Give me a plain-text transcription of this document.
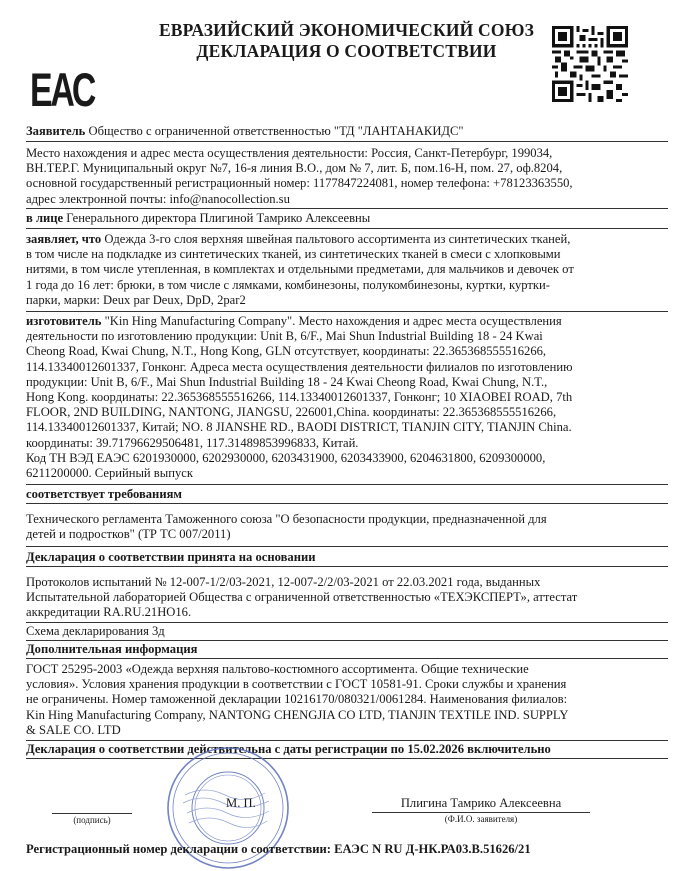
ЕВРАЗИЙСКИЙ ЭКОНОМИЧЕСКИЙ СОЮЗ
ДЕКЛАРАЦИЯ О СООТВЕТСТВИИ
ЕАС
Заявитель Общество с ограниченной ответственностью "ТД "ЛАНТАНАКИДС"
Место нахождения и адрес места осуществления деятельности: Россия, Санкт-Петербург, 199034,
ВН.ТЕР.Г. Муниципальный округ №7, 16-я линия В.О., дом № 7, лит. Б, пом.16-Н, пом. 27, оф.8204,
основной государственный регистрационный номер: 1177847224081, номер телефона: +78123363550,
адрес электронной почты: info@nanocollection.su
в лице Генерального директора Плигиной Тамрико Алексеевны
заявляет, что Одежда 3-го слоя верхняя швейная пальтового ассортимента из синтетических тканей,
в том числе на подкладке из синтетических тканей, из синтетических тканей в смеси с хлопковыми
нитями, в том числе утепленная, в комплектах и отдельными предметами, для мальчиков и девочек от
1 года до 16 лет: брюки, в том числе с лямками, комбинезоны, полукомбинезоны, куртки, куртки-
парки, марки: Deux par Deux, DpD, 2par2
изготовитель "Kin Hing Manufacturing Company". Место нахождения и адрес места осуществления
деятельности по изготовлению продукции: Unit B, 6/F., Mai Shun Industrial Building 18 - 24 Kwai
Cheong Road, Kwai Chung, N.T., Hong Kong, GLN отсутствует, координаты: 22.365368555516266,
114.13340012601337, Гонконг. Адреса места осуществления деятельности филиалов по изготовлению
продукции: Unit B, 6/F., Mai Shun Industrial Building 18 - 24 Kwai Cheong Road, Kwai Chung, N.T.,
Hong Kong. координаты: 22.365368555516266, 114.13340012601337, Гонконг; 10 XIAOBEI ROAD, 7th
FLOOR, 2ND BUILDING, NANTONG, JIANGSU, 226001,China. координаты: 22.365368555516266,
114.13340012601337, Китай; NO. 8 JIANSHE RD., BAODI DISTRICT, TIANJIN CITY, TIANJIN China.
координаты: 39.71796629506481, 117.31489853996833, Китай.
Код ТН ВЭД ЕАЭС 6201930000, 6202930000, 6203431900, 6203433900, 6204631800, 6209300000,
6211200000. Серийный выпуск
соответствует требованиям
Технического регламента Таможенного союза "О безопасности продукции, предназначенной для
детей и подростков" (ТР ТС 007/2011)
Декларация о соответствии принята на основании
Протоколов испытаний № 12-007-1/2/03-2021, 12-007-2/2/03-2021 от 22.03.2021 года, выданных
Испытательной лабораторией Общества с ограниченной ответственностью «ТЕХЭКСПЕРТ», аттестат
аккредитации RA.RU.21НО16.
Схема декларирования 3д
Дополнительная информация
ГОСТ 25295-2003 «Одежда верхняя пальтово-костюмного ассортимента. Общие технические
условия». Условия хранения продукции в соответствии с ГОСТ 10581-91. Сроки службы и хранения
не ограничены. Номер таможенной декларации 10216170/080321/0061284. Наименования филиалов:
Kin Hing Manufacturing Company, NANTONG CHENGJIA CO LTD, TIANJIN TEXTILE IND. SUPPLY
& SALE CO. LTD
Декларация о соответствии действительна с даты регистрации по 15.02.2026 включительно
(подпись)
М. П.	Плигина Тамрико Алексеевна
(Ф.И.О. заявителя)
Регистрационный номер декларации о соответствии: ЕАЭС N RU Д-НК.РА03.В.51626/21
